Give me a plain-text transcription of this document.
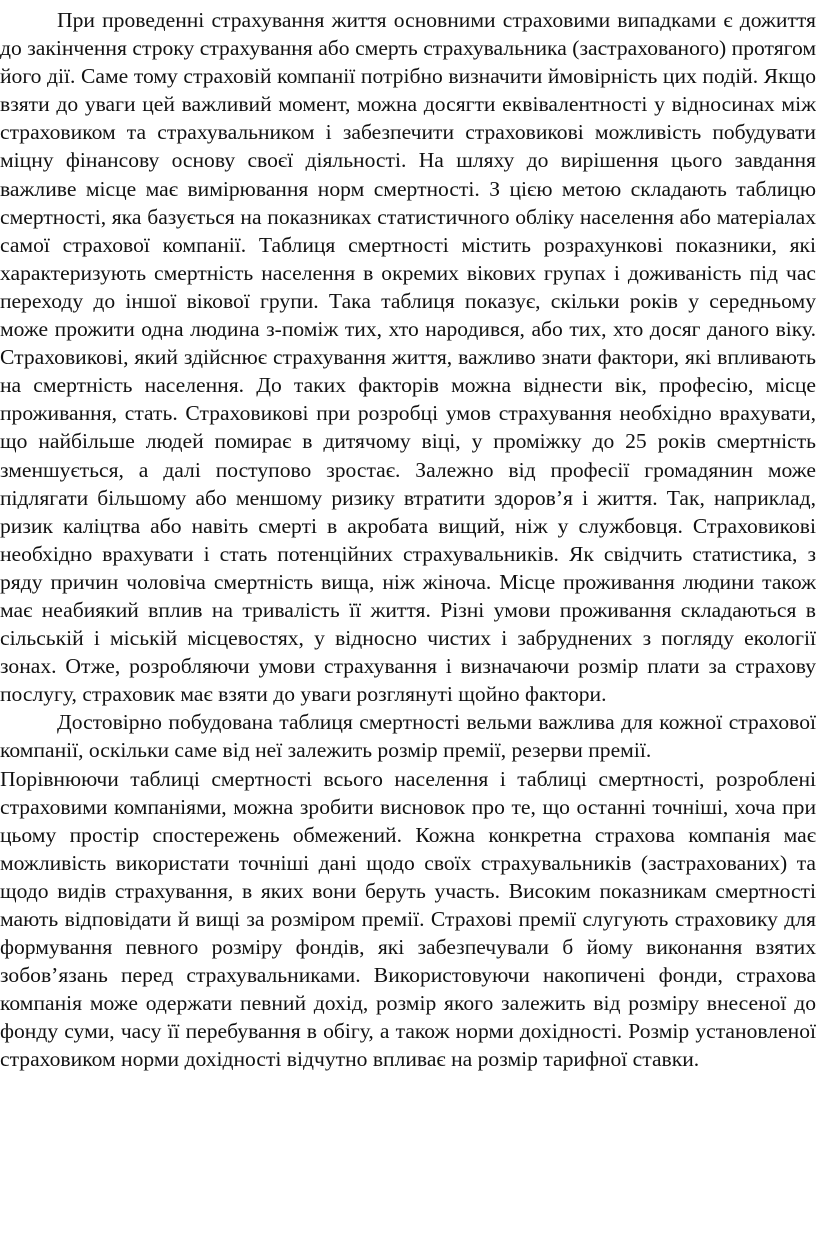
При проведенні страхування життя основними страховими випадками є дожиття до закінчення строку страхування або смерть страхувальника (застрахованого) протягом його дії. Саме тому страховій компанії потрібно визначити ймовірність цих подій. Якщо взяти до уваги цей важливий момент, можна досягти еквівалентності у відносинах між страховиком та страхувальником і забезпечити страховикові можливість побудувати міцну фінансову основу своєї діяльності. На шляху до вирішення цього завдання важливе місце має вимірювання норм смертності. З цією метою складають таблицю смертності, яка базується на показниках статистичного обліку населення або матеріалах самої страхової компанії. Таблиця смертності містить розрахункові показники, які характеризують смертність населення в окремих вікових групах і доживаність під час переходу до іншої вікової групи. Така таблиця показує, скільки років у середньому може прожити одна людина з-поміж тих, хто народився, або тих, хто досяг даного віку. Страховикові, який здійснює страхування життя, важливо знати фактори, які впливають на смертність населення. До таких факторів можна віднести вік, професію, місце проживання, стать. Страховикові при розробці умов страхування необхідно врахувати, що найбільше людей помирає в дитячому віці, у проміжку до 25 років смертність зменшується, а далі поступово зростає. Залежно від професії громадянин може підлягати більшому або меншому ризику втратити здоров’я і життя. Так, наприклад, ризик каліцтва або навіть смерті в акробата вищий, ніж у службовця. Страховикові необхідно врахувати і стать потенційних страхувальників. Як свідчить статистика, з ряду причин чоловіча смертність вища, ніж жіноча. Місце проживання людини також має неабиякий вплив на тривалість її життя. Різні умови проживання складаються в сільській і міській місцевостях, у відносно чистих і забруднених з погляду екології зонах. Отже, розробляючи умови страхування і визначаючи розмір плати за страхову послугу, страховик має взяти до уваги розглянуті щойно фактори.

Достовірно побудована таблиця смертності вельми важлива для кожної страхової компанії, оскільки саме від неї залежить розмір премії, резерви премії.

Порівнюючи таблиці смертності всього населення і таблиці смертності, розроблені страховими компаніями, можна зробити висновок про те, що останні точніші, хоча при цьому простір спостережень обмежений. Кожна конкретна страхова компанія має можливість використати точніші дані щодо своїх страхувальників (застрахованих) та щодо видів страхування, в яких вони беруть участь. Високим показникам смертності мають відповідати й вищі за розміром премії. Страхові премії слугують страховику для формування певного розміру фондів, які забезпечували б йому виконання взятих зобов’язань перед страхувальниками. Використовуючи накопичені фонди, страхова компанія може одержати певний дохід, розмір якого залежить від розміру внесеної до фонду суми, часу її перебування в обігу, а також норми дохідності. Розмір установленої страховиком норми дохідності відчутно впливає на розмір тарифної ставки.
